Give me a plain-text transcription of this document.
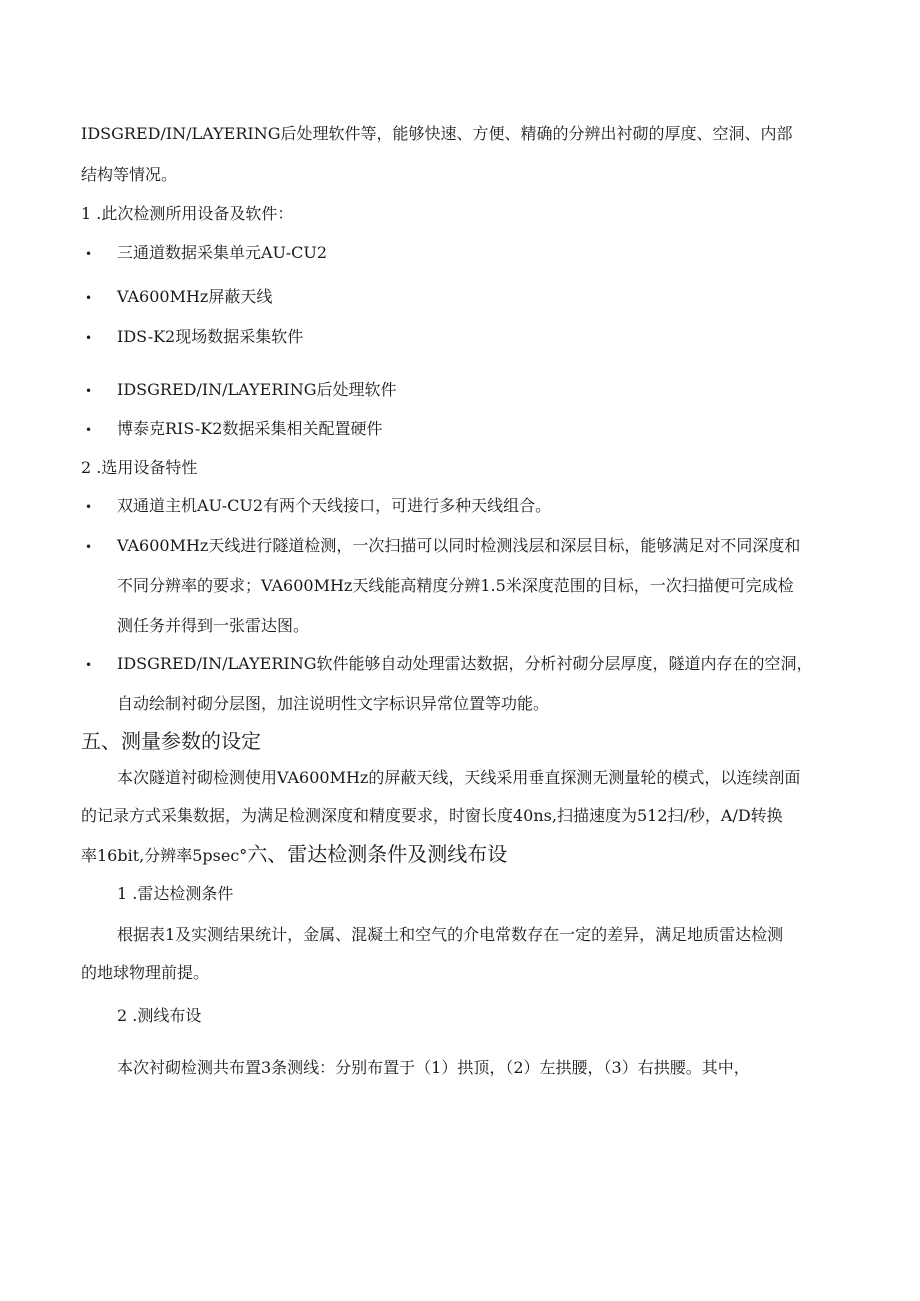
IDSGRED/IN/LAYERING后处理软件等，能够快速、方便、精确的分辨出衬砌的厚度、空洞、内部
结构等情况。
1 .此次检测所用设备及软件：
• 三通道数据采集单元AU-CU2
• VA600MHz屏蔽天线
• IDS-K2现场数据采集软件
• IDSGRED/IN/LAYERING后处理软件
• 博泰克RIS-K2数据采集相关配置硬件
2 .选用设备特性
• 双通道主机AU-CU2有两个天线接口，可进行多种天线组合。
• VA600MHz天线进行隧道检测，一次扫描可以同时检测浅层和深层目标，能够满足对不同深度和
不同分辨率的要求；VA600MHz天线能高精度分辨1.5米深度范围的目标，一次扫描便可完成检
测任务并得到一张雷达图。
• IDSGRED/IN/LAYERING软件能够自动处理雷达数据，分析衬砌分层厚度，隧道内存在的空洞，
自动绘制衬砌分层图，加注说明性文字标识异常位置等功能。
五、测量参数的设定
本次隧道衬砌检测使用VA600MHz的屏蔽天线，天线采用垂直探测无测量轮的模式，以连续剖面
的记录方式采集数据，为满足检测深度和精度要求，时窗长度40ns,扫描速度为512扫/秒，A/D转换
率16bit,分辨率5psec°六、雷达检测条件及测线布设
1 .雷达检测条件
根据表1及实测结果统计，金属、混凝土和空气的介电常数存在一定的差异，满足地质雷达检测
的地球物理前提。
2 .测线布设
本次衬砌检测共布置3条测线：分别布置于（1）拱顶，（2）左拱腰，（3）右拱腰。其中，
